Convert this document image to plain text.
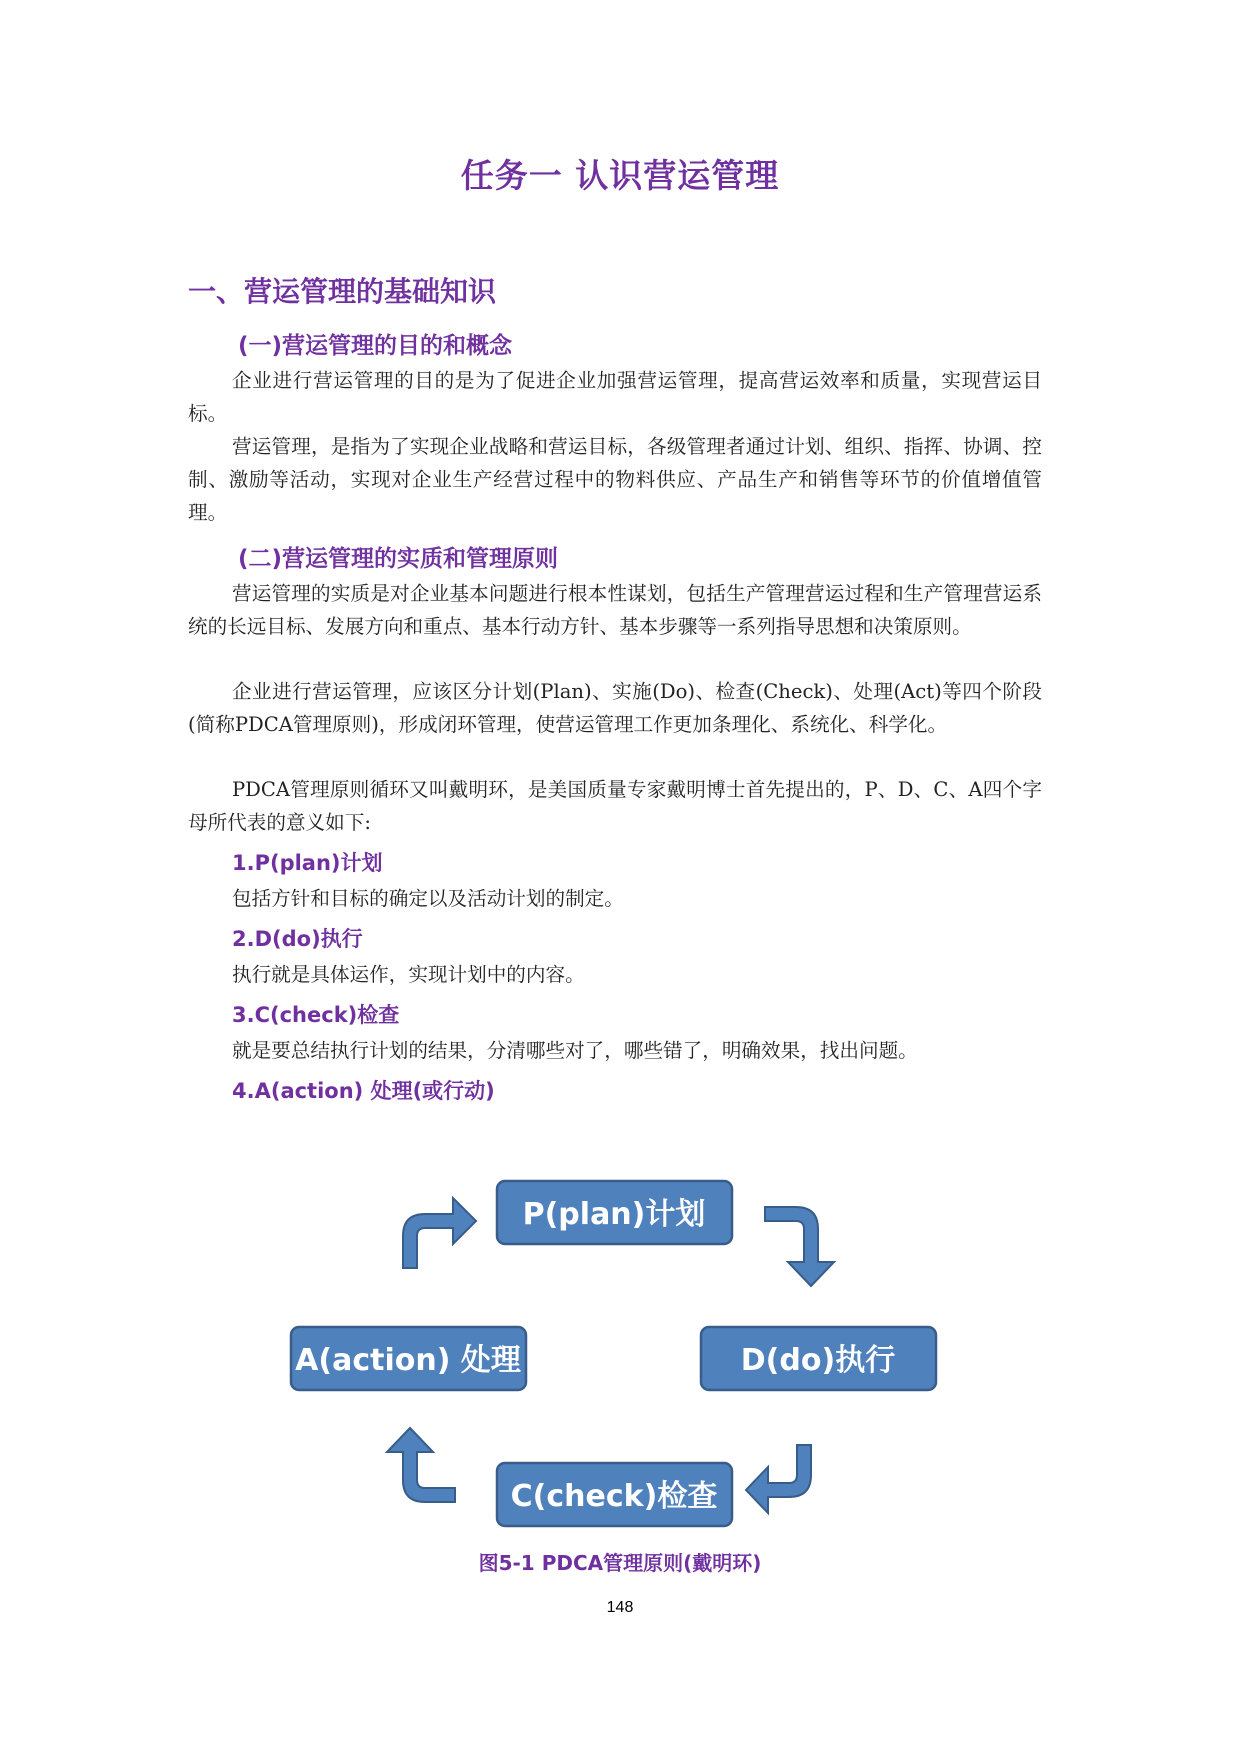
任务一 认识营运管理
一、营运管理的基础知识
(一)营运管理的目的和概念

企业进行营运管理的目的是为了促进企业加强营运管理，提高营运效率和质量，实现营运目标。

营运管理，是指为了实现企业战略和营运目标，各级管理者通过计划、组织、指挥、协调、控制、激励等活动，实现对企业生产经营过程中的物料供应、产品生产和销售等环节的价值增值管理。

(二)营运管理的实质和管理原则

营运管理的实质是对企业基本问题进行根本性谋划，包括生产管理营运过程和生产管理营运系统的长远目标、发展方向和重点、基本行动方针、基本步骤等一系列指导思想和决策原则。

企业进行营运管理，应该区分计划(Plan)、实施(Do)、检查(Check)、处理(Act)等四个阶段(简称PDCA管理原则)，形成闭环管理，使营运管理工作更加条理化、系统化、科学化。

PDCA管理原则循环又叫戴明环，是美国质量专家戴明博士首先提出的，P、D、C、A四个字母所代表的意义如下:

1.P(plan)计划

包括方针和目标的确定以及活动计划的制定。

2.D(do)执行

执行就是具体运作，实现计划中的内容。

3.C(check)检查

就是要总结执行计划的结果，分清哪些对了，哪些错了，明确效果，找出问题。

4.A(action) 处理(或行动)
P(plan)计划
D(do)执行
C(check)检查
A(action) 处理
图5-1 PDCA管理原则(戴明环)
148
